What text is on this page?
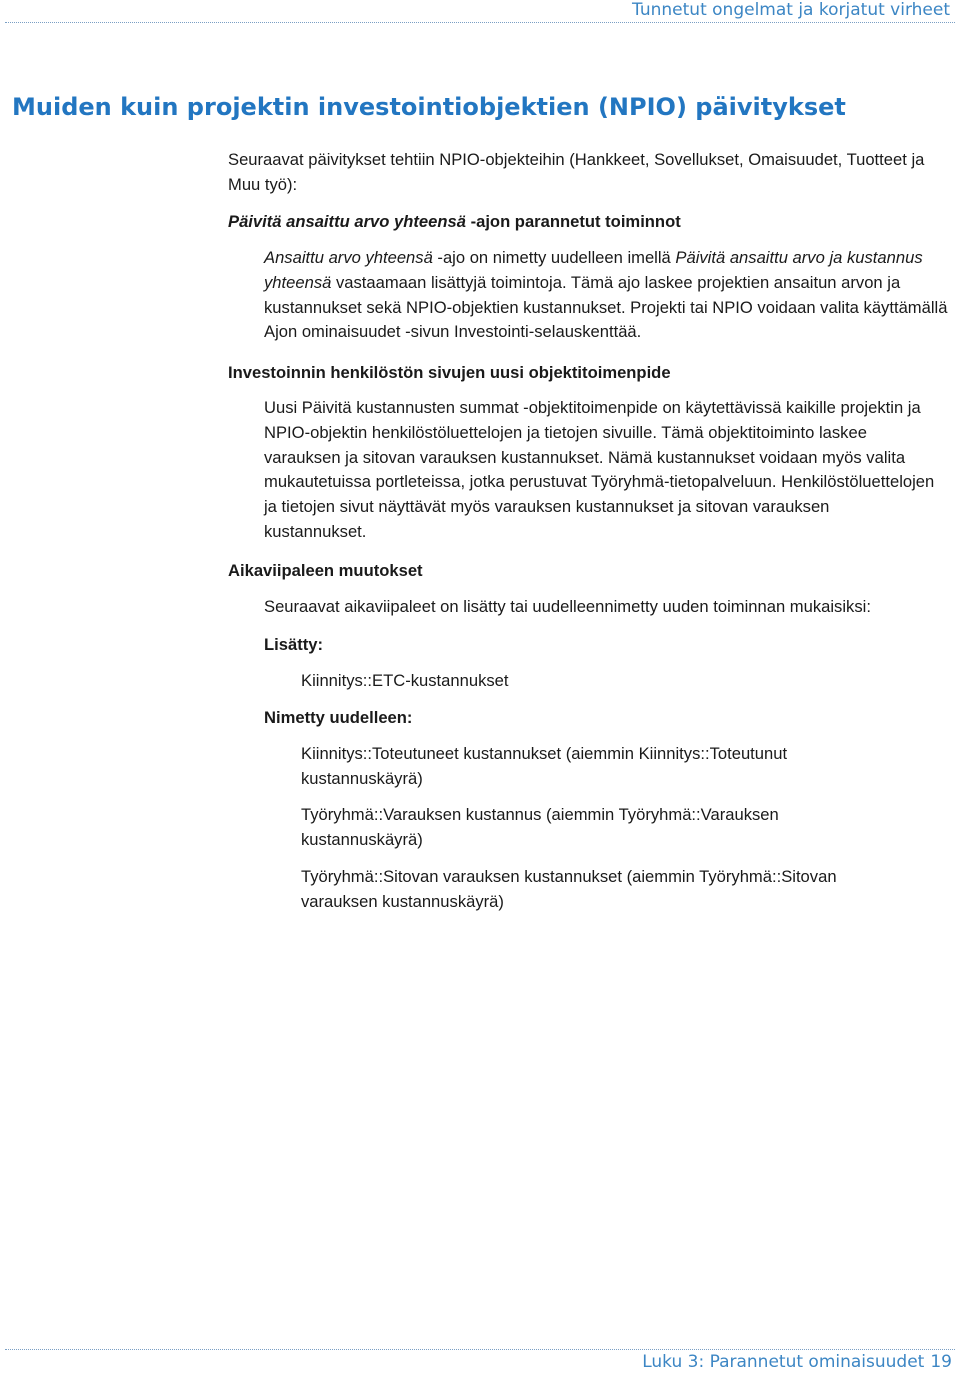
Tunnetut ongelmat ja korjatut virheet
Muiden kuin projektin investointiobjektien (NPIO) päivitykset

Seuraavat päivitykset tehtiin NPIO-objekteihin (Hankkeet, Sovellukset, Omaisuudet, Tuotteet ja Muu työ):

Päivitä ansaittu arvo yhteensä -ajon parannetut toiminnot

Ansaittu arvo yhteensä -ajo on nimetty uudelleen imellä Päivitä ansaittu arvo ja kustannus yhteensä vastaamaan lisättyjä toimintoja. Tämä ajo laskee projektien ansaitun arvon ja kustannukset sekä NPIO-objektien kustannukset. Projekti tai NPIO voidaan valita käyttämällä Ajon ominaisuudet -sivun Investointi-selauskenttää.

Investoinnin henkilöstön sivujen uusi objektitoimenpide

Uusi Päivitä kustannusten summat -objektitoimenpide on käytettävissä kaikille projektin ja NPIO-objektin henkilöstöluettelojen ja tietojen sivuille. Tämä objektitoiminto laskee varauksen ja sitovan varauksen kustannukset. Nämä kustannukset voidaan myös valita mukautetuissa portleteissa, jotka perustuvat Työryhmä-tietopalveluun. Henkilöstöluettelojen ja tietojen sivut näyttävät myös varauksen kustannukset ja sitovan varauksen kustannukset.

Aikaviipaleen muutokset
Seuraavat aikaviipaleet on lisätty tai uudelleennimetty uuden toiminnan mukaisiksi:
Lisätty:
Kiinnitys::ETC-kustannukset
Nimetty uudelleen:
Kiinnitys::Toteutuneet kustannukset (aiemmin Kiinnitys::Toteutunut kustannuskäyrä)
Työryhmä::Varauksen kustannus (aiemmin Työryhmä::Varauksen kustannuskäyrä)
Työryhmä::Sitovan varauksen kustannukset (aiemmin Työryhmä::Sitovan varauksen kustannuskäyrä)
Luku 3: Parannetut ominaisuudet 19
